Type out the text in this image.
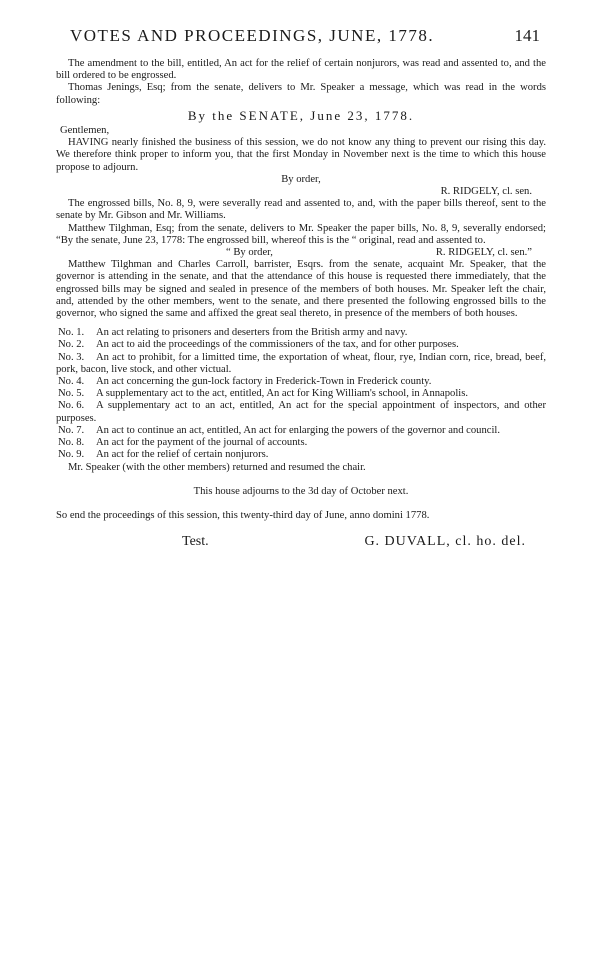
VOTES AND PROCEEDINGS, JUNE, 1778.	141

The amendment to the bill, entitled, An act for the relief of certain nonjurors, was read and assented to, and the bill ordered to be engrossed.

Thomas Jenings, Esq; from the senate, delivers to Mr. Speaker a message, which was read in the words following:

By the SENATE, June 23, 1778.

Gentlemen,

HAVING nearly finished the business of this session, we do not know any thing to prevent our rising this day. We therefore think proper to inform you, that the first Monday in November next is the time to which this house propose to adjourn.

By order,

R. RIDGELY, cl. sen.

The engrossed bills, No. 8, 9, were severally read and assented to, and, with the paper bills thereof, sent to the senate by Mr. Gibson and Mr. Williams.

Matthew Tilghman, Esq; from the senate, delivers to Mr. Speaker the paper bills, No. 8, 9, severally endorsed; “By the senate, June 23, 1778: The engrossed bill, whereof this is the “ original, read and assented to.

“ By order,	R. RIDGELY, cl. sen.”

Matthew Tilghman and Charles Carroll, barrister, Esqrs. from the senate, acquaint Mr. Speaker, that the governor is attending in the senate, and that the attendance of this house is requested there immediately, that the engrossed bills may be signed and sealed in presence of the members of both houses. Mr. Speaker left the chair, and, attended by the other members, went to the senate, and there presented the following engrossed bills to the governor, who signed the same and affixed the great seal thereto, in presence of the members of both houses.

No. 1. An act relating to prisoners and deserters from the British army and navy.

No. 2. An act to aid the proceedings of the commissioners of the tax, and for other purposes.

No. 3. An act to prohibit, for a limitted time, the exportation of wheat, flour, rye, Indian corn, rice, bread, beef, pork, bacon, live stock, and other victual.

No. 4. An act concerning the gun-lock factory in Frederick-Town in Frederick county.

No. 5. A supplementary act to the act, entitled, An act for King William's school, in Annapolis.

No. 6. A supplementary act to an act, entitled, An act for the special appointment of inspectors, and other purposes.

No. 7. An act to continue an act, entitled, An act for enlarging the powers of the governor and council.

No. 8. An act for the payment of the journal of accounts.

No. 9. An act for the relief of certain nonjurors.

Mr. Speaker (with the other members) returned and resumed the chair.

This house adjourns to the 3d day of October next.

So end the proceedings of this session, this twenty-third day of June, anno domini 1778.

Test.	G. DUVALL, cl. ho. del.
